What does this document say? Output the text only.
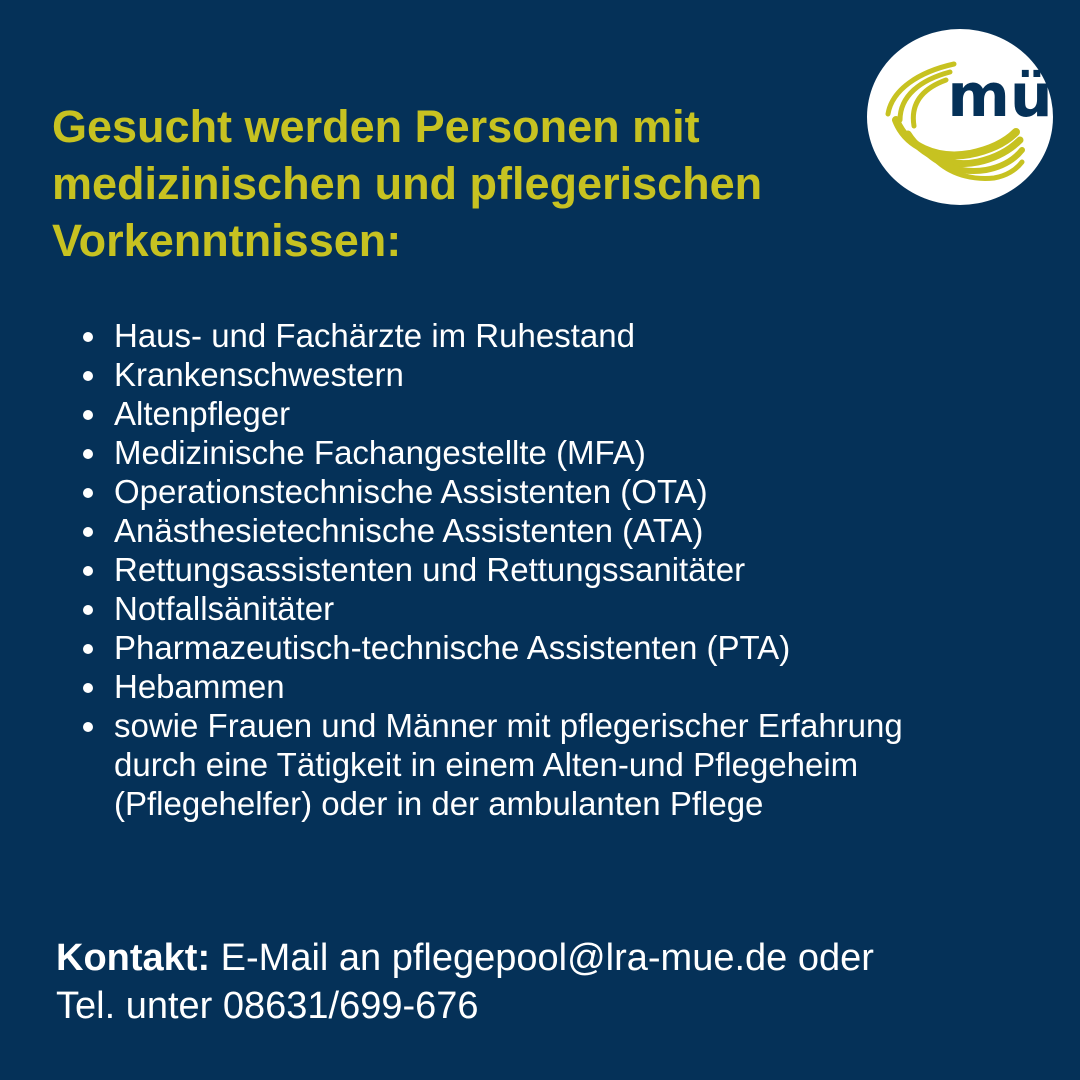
Gesucht werden Personen mit
medizinischen und pflegerischen
Vorkenntnissen:
mü
Haus- und Fachärzte im Ruhestand
Krankenschwestern
Altenpfleger
Medizinische Fachangestellte (MFA)
Operationstechnische Assistenten (OTA)
Anästhesietechnische Assistenten (ATA)
Rettungsassistenten und Rettungssanitäter
Notfallsänitäter
Pharmazeutisch-technische Assistenten (PTA)
Hebammen
sowie Frauen und Männer mit pflegerischer Erfahrung
durch eine Tätigkeit in einem Alten-und Pflegeheim
(Pflegehelfer) oder in der ambulanten Pflege

Kontakt: E-Mail an pflegepool@lra-mue.de oder
Tel. unter 08631/699-676
